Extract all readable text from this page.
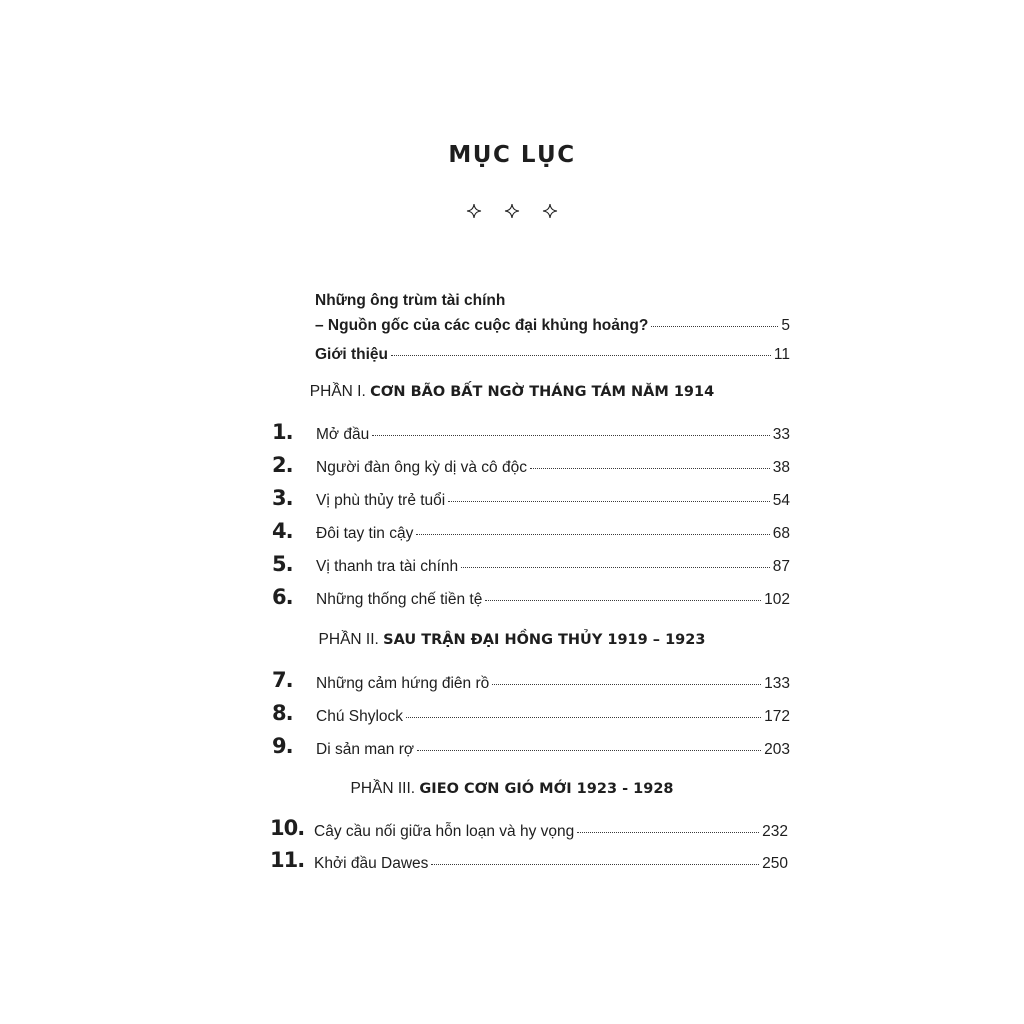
MỤC LỤC

Những ông trùm tài chính
– Nguồn gốc của các cuộc đại khủng hoảng?	5
Giới thiệu	11
PHẦN I. CƠN BÃO BẤT NGỜ THÁNG TÁM NĂM 1914
1. Mở đầu	33
2. Người đàn ông kỳ dị và cô độc	38
3. Vị phù thủy trẻ tuổi	54
4. Đôi tay tin cậy	68
5. Vị thanh tra tài chính	87
6. Những thống chế tiền tệ	102
PHẦN II. SAU TRẬN ĐẠI HỒNG THỦY 1919 – 1923
7. Những cảm hứng điên rồ	133
8. Chú Shylock	172
9. Di sản man rợ	203
PHẦN III. GIEO CƠN GIÓ MỚI 1923 - 1928
10. Cây cầu nối giữa hỗn loạn và hy vọng	232
11. Khởi đầu Dawes	250
